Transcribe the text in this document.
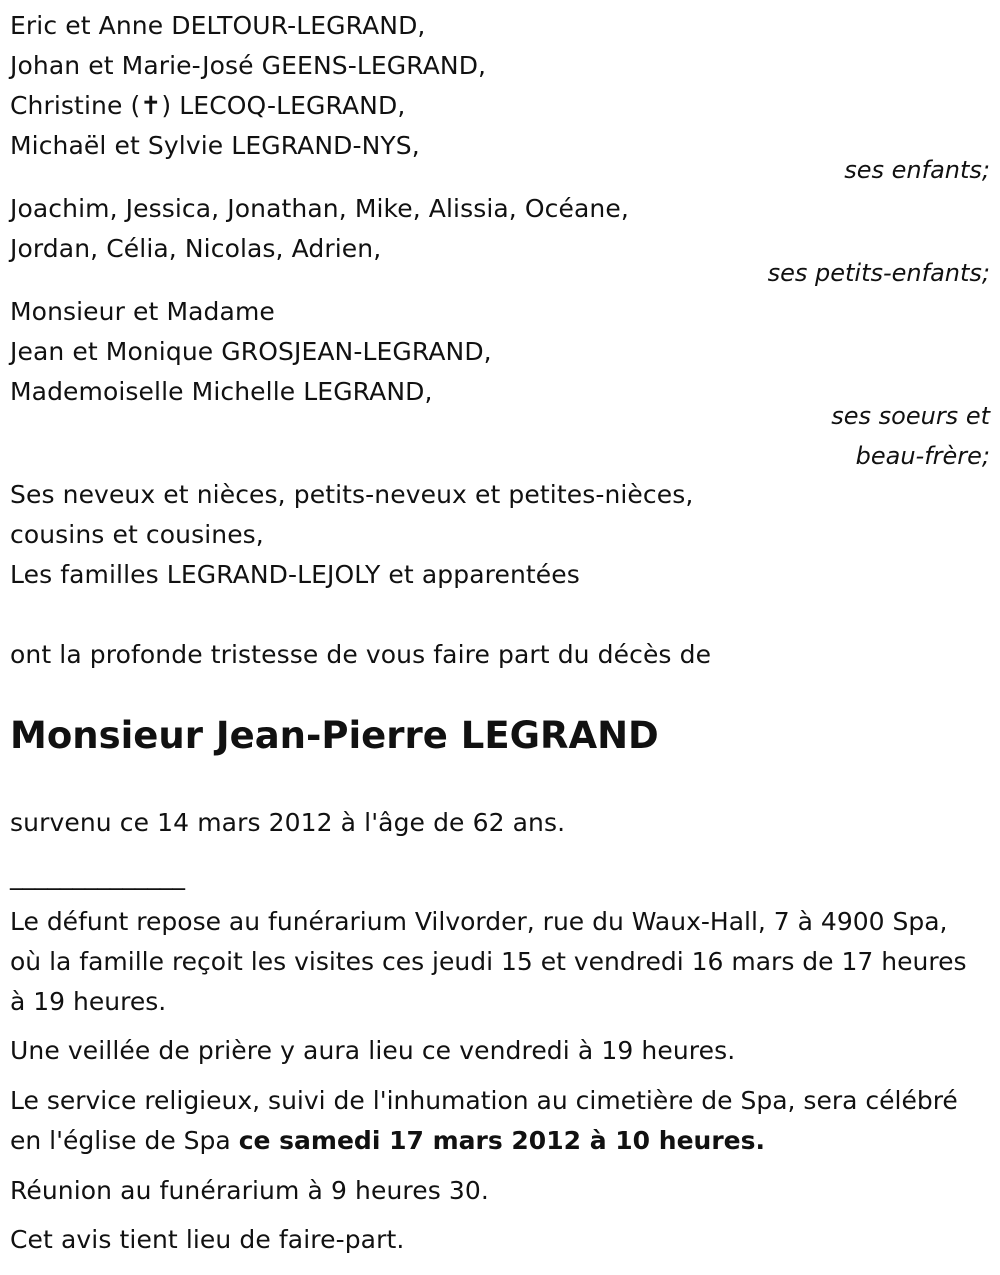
Eric et Anne DELTOUR-LEGRAND,
Johan et Marie-José GEENS-LEGRAND,
Christine (✝) LECOQ-LEGRAND,
Michaël et Sylvie LEGRAND-NYS,
ses enfants;
Joachim, Jessica, Jonathan, Mike, Alissia, Océane,
Jordan, Célia, Nicolas, Adrien,
ses petits-enfants;
Monsieur et Madame
Jean et Monique GROSJEAN-LEGRAND,
Mademoiselle Michelle LEGRAND,
ses soeurs et
beau-frère;
Ses neveux et nièces, petits-neveux et petites-nièces,
cousins et cousines,
Les familles LEGRAND-LEJOLY et apparentées
ont la profonde tristesse de vous faire part du décès de
Monsieur Jean-Pierre LEGRAND
survenu ce 14 mars 2012 à l'âge de 62 ans.
______________
Le défunt repose au funérarium Vilvorder, rue du Waux-Hall, 7 à 4900 Spa, où la famille reçoit les visites ces jeudi 15 et vendredi 16 mars de 17 heures à 19 heures.
Une veillée de prière y aura lieu ce vendredi à 19 heures.
Le service religieux, suivi de l'inhumation au cimetière de Spa, sera célébré en l'église de Spa ce samedi 17 mars 2012 à 10 heures.
Réunion au funérarium à 9 heures 30.
Cet avis tient lieu de faire-part.
